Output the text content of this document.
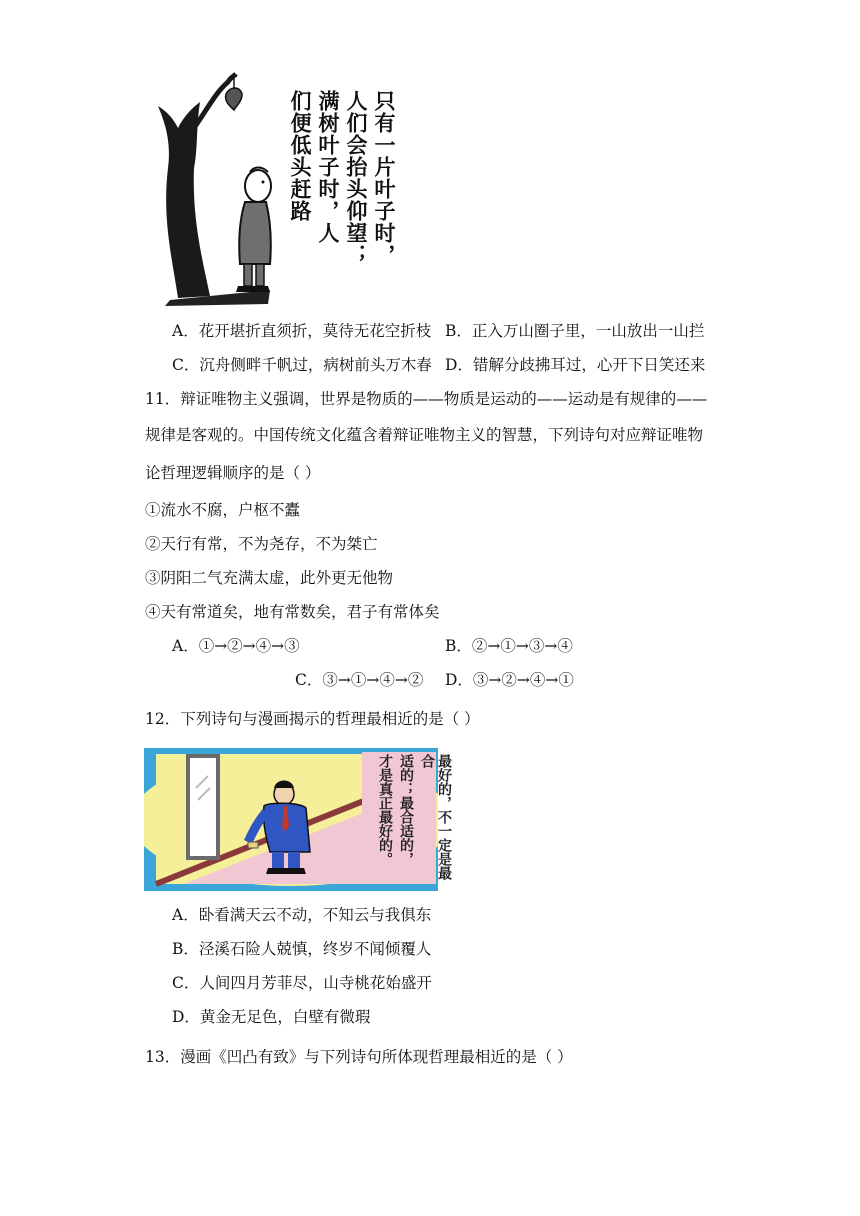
只有一片叶子时，
人们会抬头仰望；
满树叶子时，人
们便低头赶路
A．花开堪折直须折，莫待无花空折枝 B．正入万山圈子里，一山放出一山拦
C．沉舟侧畔千帆过，病树前头万木春 D．错解分歧拂耳过，心开下日笑还来
11．辩证唯物主义强调，世界是物质的——物质是运动的——运动是有规律的——
规律是客观的。中国传统文化蕴含着辩证唯物主义的智慧，下列诗句对应辩证唯物
论哲理逻辑顺序的是（ ）
①流水不腐，户枢不蠹
②天行有常，不为尧存，不为桀亡
③阴阳二气充满太虚，此外更无他物
④天有常道矣，地有常数矣，君子有常体矣
A．①→②→④→③	B．②→①→③→④
C．③→①→④→② D．③→②→④→①
12．下列诗句与漫画揭示的哲理最相近的是（ ）
最好的，不一定是最合
适的；最合适的，
才是真正最好的。
A．卧看满天云不动，不知云与我俱东
B．泾溪石险人兢慎，终岁不闻倾覆人
C．人间四月芳菲尽，山寺桃花始盛开
D．黄金无足色，白壁有微瑕
13．漫画《凹凸有致》与下列诗句所体现哲理最相近的是（ ）
